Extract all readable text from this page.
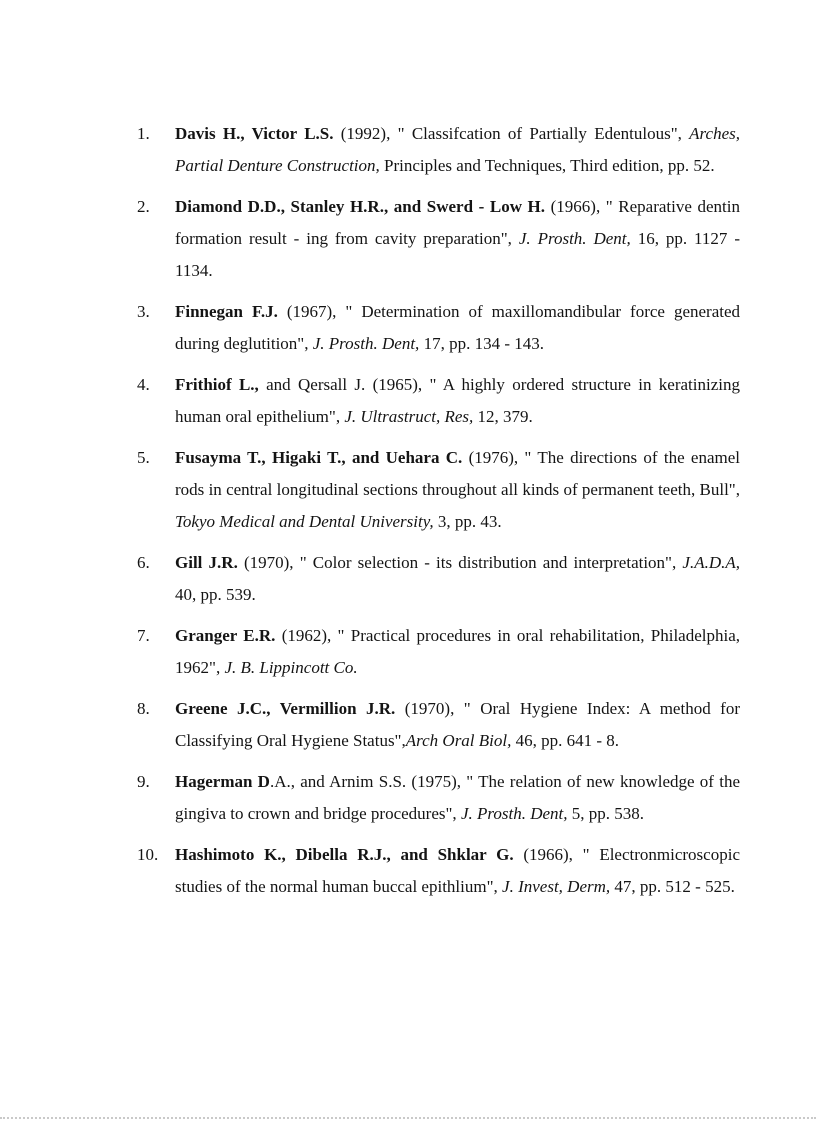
1.	Davis H., Victor L.S. (1992), " Classifcation of Partially Edentulous", Arches, Partial Denture Construction, Principles and Techniques, Third edition, pp. 52.
2.	Diamond D.D., Stanley H.R., and Swerd - Low H. (1966), " Reparative dentin formation result - ing from cavity preparation", J. Prosth. Dent, 16, pp. 1127 - 1134.
3.	Finnegan F.J. (1967), " Determination of maxillomandibular force generated during deglutition", J. Prosth. Dent, 17, pp. 134 - 143.
4.	Frithiof L., and Qersall J. (1965), " A highly ordered structure in keratinizing human oral epithelium", J. Ultrastruct, Res, 12, 379.
5.	Fusayma T., Higaki T., and Uehara C. (1976), " The directions of the enamel rods in central longitudinal sections throughout all kinds of permanent teeth, Bull", Tokyo Medical and Dental University, 3, pp. 43.
6.	Gill J.R. (1970), " Color selection - its distribution and interpretation", J.A.D.A, 40, pp. 539.
7.	Granger E.R. (1962), " Practical procedures in oral rehabilitation, Philadelphia, 1962", J. B. Lippincott Co.
8.	Greene J.C., Vermillion J.R. (1970), " Oral Hygiene Index: A method for Classifying Oral Hygiene Status",Arch Oral Biol, 46, pp. 641 - 8.
9.	Hagerman D.A., and Arnim S.S. (1975), " The relation of new knowledge of the gingiva to crown and bridge procedures", J. Prosth. Dent, 5, pp. 538.
10. Hashimoto K., Dibella R.J., and Shklar G. (1966), " Electronmicroscopic studies of the normal human buccal epithlium", J. Invest, Derm, 47, pp. 512 - 525.
